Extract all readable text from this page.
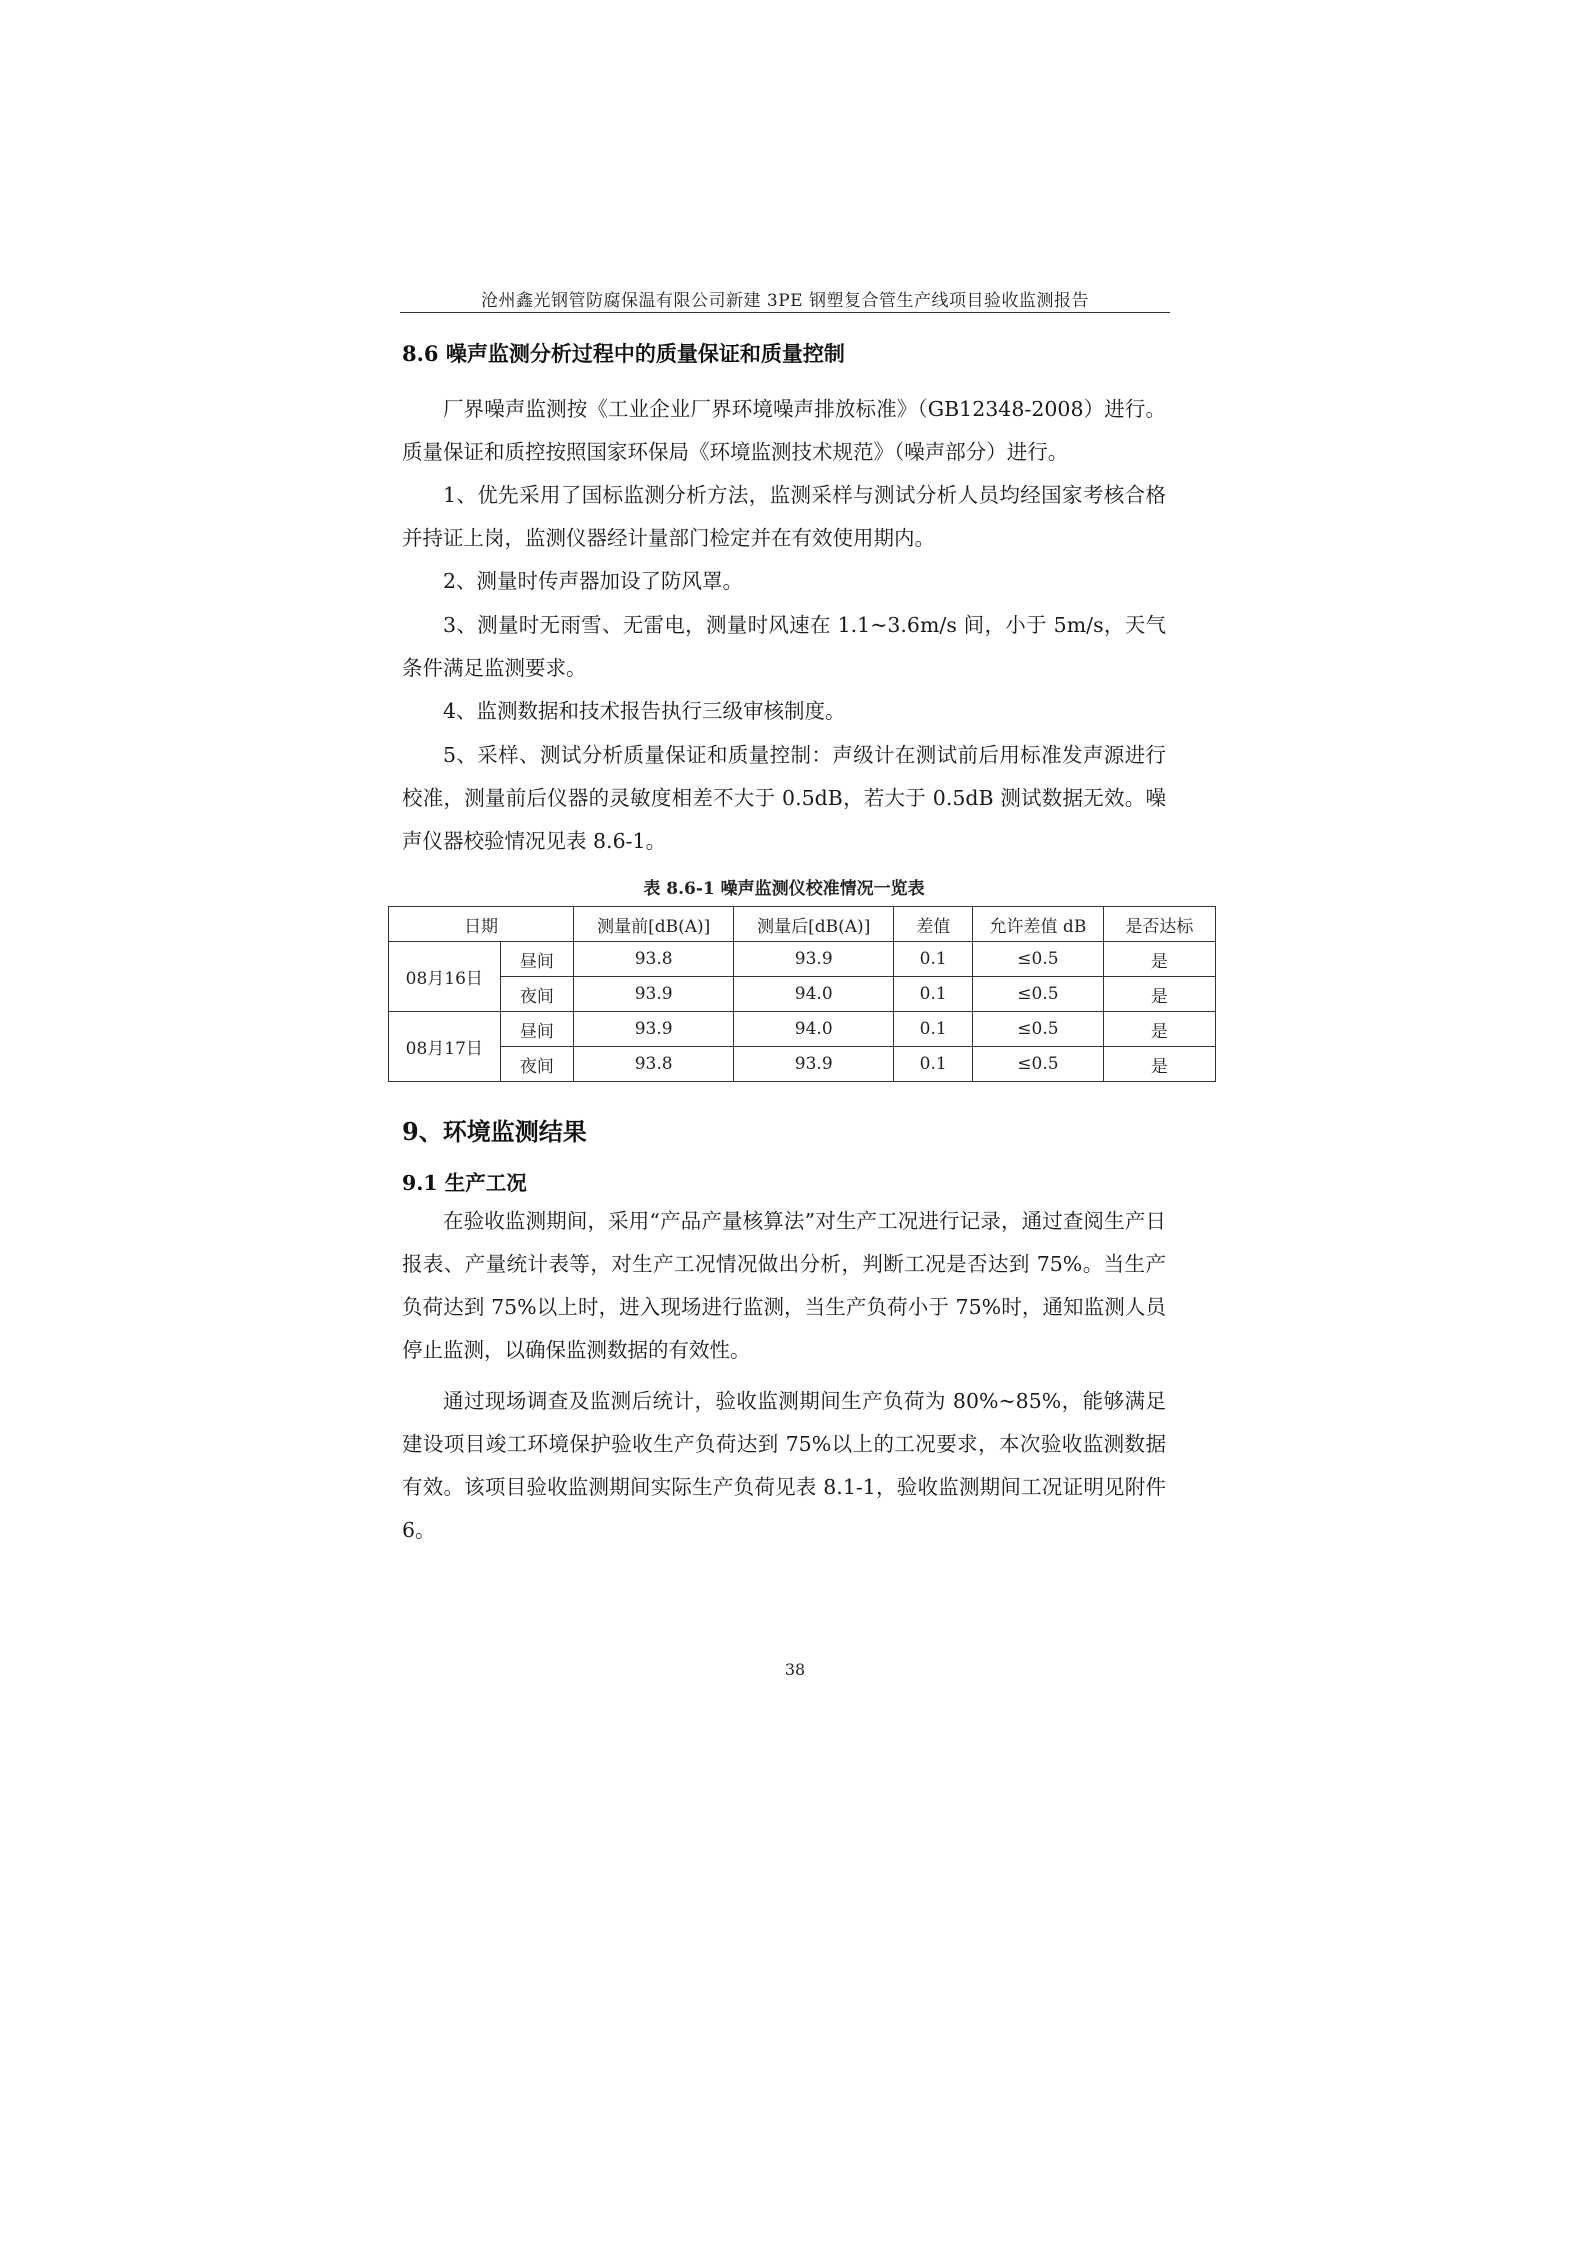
沧州鑫光钢管防腐保温有限公司新建 3PE 钢塑复合管生产线项目验收监测报告
8.6 噪声监测分析过程中的质量保证和质量控制
厂界噪声监测按《工业企业厂界环境噪声排放标准》（GB12348-2008）进行。质量保证和质控按照国家环保局《环境监测技术规范》（噪声部分）进行。
1、优先采用了国标监测分析方法，监测采样与测试分析人员均经国家考核合格并持证上岗，监测仪器经计量部门检定并在有效使用期内。
2、测量时传声器加设了防风罩。
3、测量时无雨雪、无雷电，测量时风速在 1.1~3.6m/s 间，小于 5m/s，天气条件满足监测要求。
4、监测数据和技术报告执行三级审核制度。
5、采样、测试分析质量保证和质量控制：声级计在测试前后用标准发声源进行校准，测量前后仪器的灵敏度相差不大于 0.5dB，若大于 0.5dB 测试数据无效。噪声仪器校验情况见表 8.6-1。
表 8.6-1 噪声监测仪校准情况一览表
日期		测量前[dB(A)]	测量后[dB(A)]	差值	允许差值 dB	是否达标
08月16日	昼间	93.8	93.9	0.1	≤0.5	是
	夜间	93.9	94.0	0.1	≤0.5	是
08月17日	昼间	93.9	94.0	0.1	≤0.5	是
	夜间	93.8	93.9	0.1	≤0.5	是
9、环境监测结果
9.1 生产工况
在验收监测期间，采用“产品产量核算法”对生产工况进行记录，通过查阅生产日报表、产量统计表等，对生产工况情况做出分析，判断工况是否达到 75%。当生产负荷达到 75%以上时，进入现场进行监测，当生产负荷小于 75%时，通知监测人员停止监测，以确保监测数据的有效性。
通过现场调查及监测后统计，验收监测期间生产负荷为 80%~85%，能够满足建设项目竣工环境保护验收生产负荷达到 75%以上的工况要求，本次验收监测数据有效。该项目验收监测期间实际生产负荷见表 8.1-1，验收监测期间工况证明见附件 6。
38
